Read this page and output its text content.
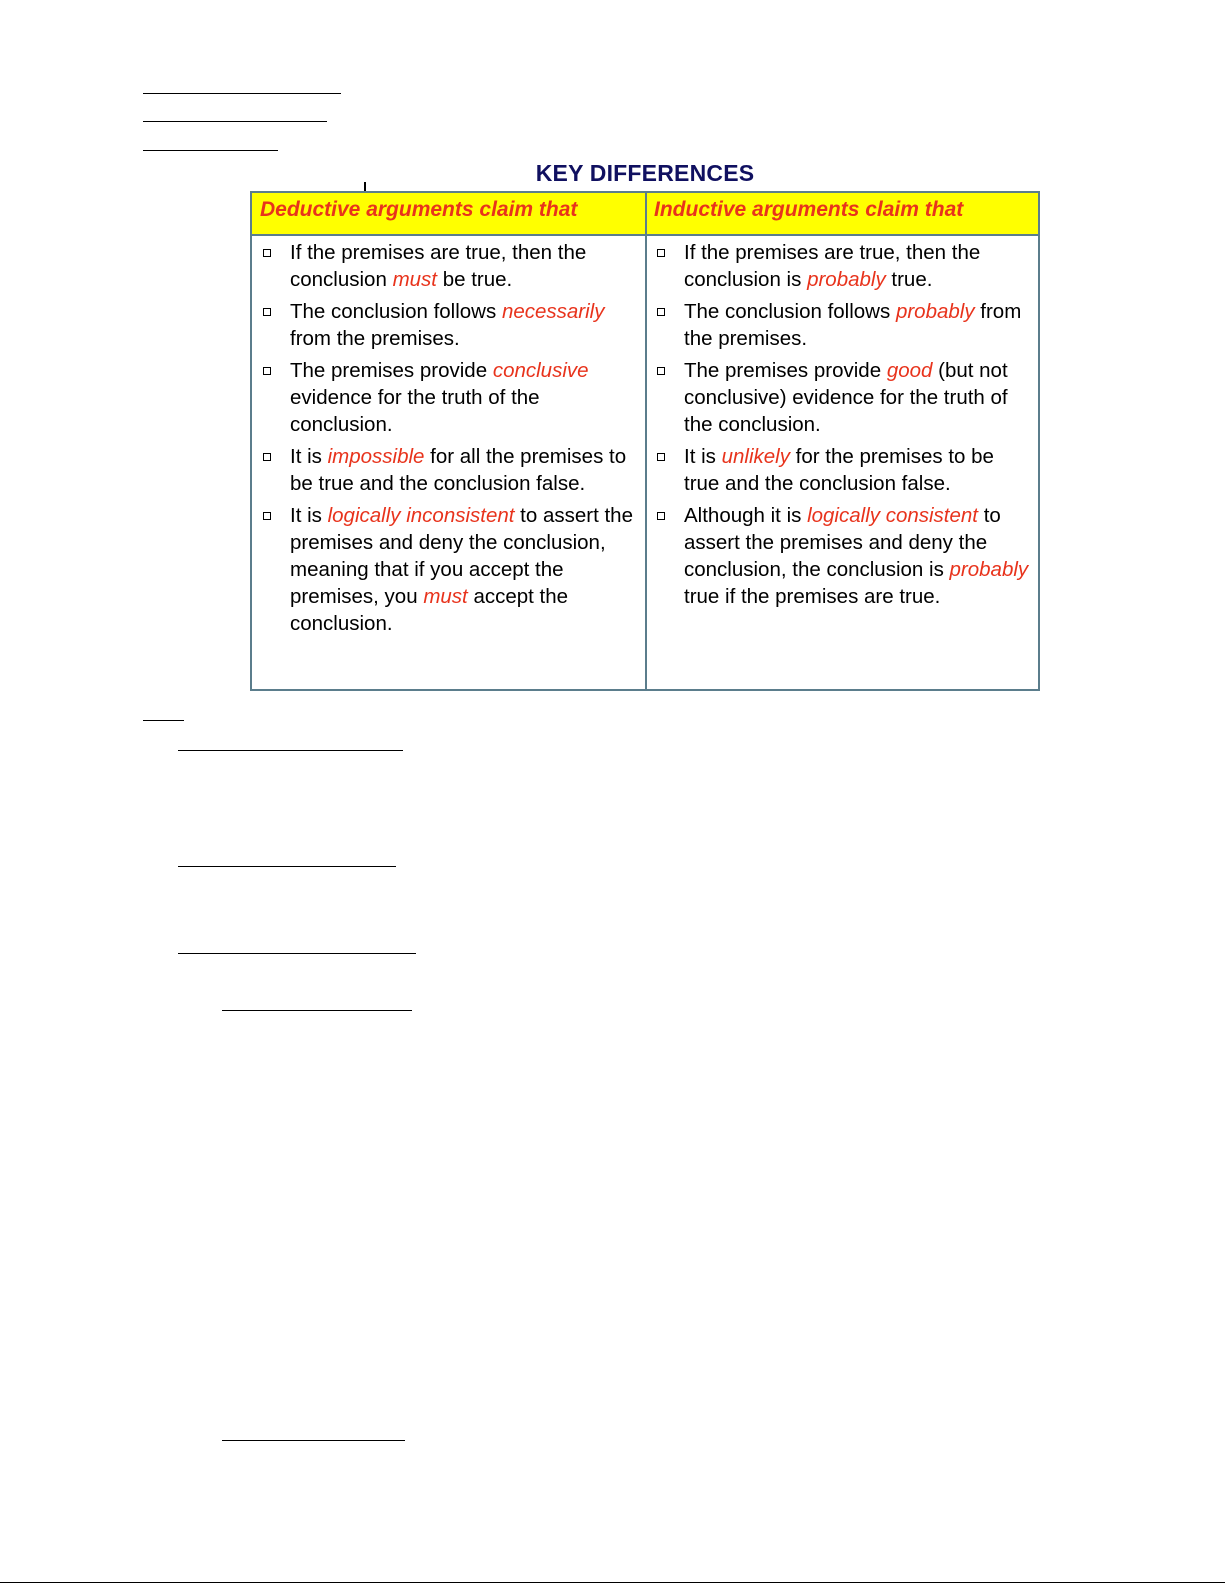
KEY DIFFERENCES
Deductive arguments claim that	Inductive arguments claim that
If the premises are true, then the conclusion must be true.
The conclusion follows necessarily from the premises.
The premises provide conclusive evidence for the truth of the conclusion.
It is impossible for all the premises to be true and the conclusion false.
It is logically inconsistent to assert the premises and deny the conclusion, meaning that if you accept the premises, you must accept the conclusion.
If the premises are true, then the conclusion is probably true.
The conclusion follows probably from the premises.
The premises provide good (but not conclusive) evidence for the truth of the conclusion.
It is unlikely for the premises to be true and the conclusion false.
Although it is logically consistent to assert the premises and deny the conclusion, the conclusion is probably true if the premises are true.
